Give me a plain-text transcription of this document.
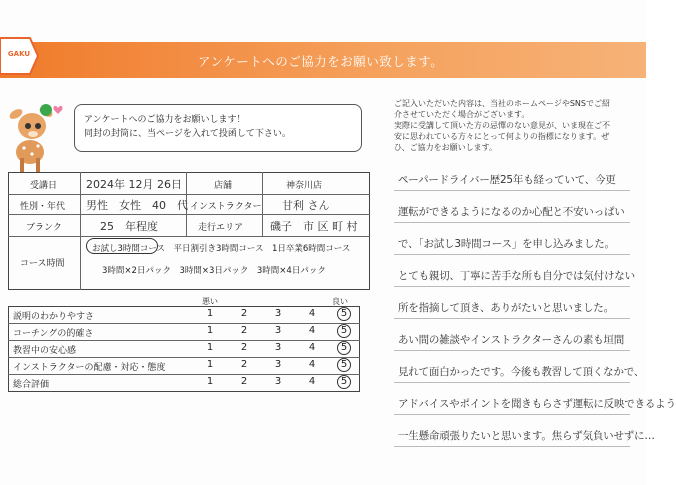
GAKU	アンケートへのご協力をお願い致します。
アンケートへのご協力をお願いします！
同封の封筒に、当ページを入れて投函して下さい。
受講日	2024年 12月 26日	店舗	神奈川店
性別・年代 男性　女性　40　代 インストラクター 甘利 さん
ブランク	25　年程度	走行エリア 磯子　市 区 町 村
コース時間
お試し3時間コース　平日割引き3時間コース　1日卒業6時間コース
3時間×2日パック　3時間×3日パック　3時間×4日パック
悪い	良い
説明のわかりやすさ	1	2	3	4	5
コーチングの的確さ	1	2	3	4	5
教習中の安心感	1	2	3	4	5
インストラクターの配慮・対応・態度	1	2	3	4	5
総合評価	1	2	3	4	5
ご記入いただいた内容は、当社のホームページやSNSでご紹
介させていただく場合がございます。
実際に受講して頂いた方の忌憚のない意見が、いま現在ご不
安に思われている方々にとって何よりの指標になります。ぜ
ひ、ご協力をお願いします。
ペーパードライバー歴25年も経っていて、今更
運転ができるようになるのか心配と不安いっぱい
で、「お試し3時間コース」を申し込みました。
とても親切、丁寧に苦手な所も自分では気付けない
所を指摘して頂き、ありがたいと思いました。
あい間の雑談やインストラクターさんの素も垣間
見れて面白かったです。今後も教習して頂くなかで、
アドバイスやポイントを聞きもらさず運転に反映できるよう
一生懸命頑張りたいと思います。焦らず気負いせずに…
